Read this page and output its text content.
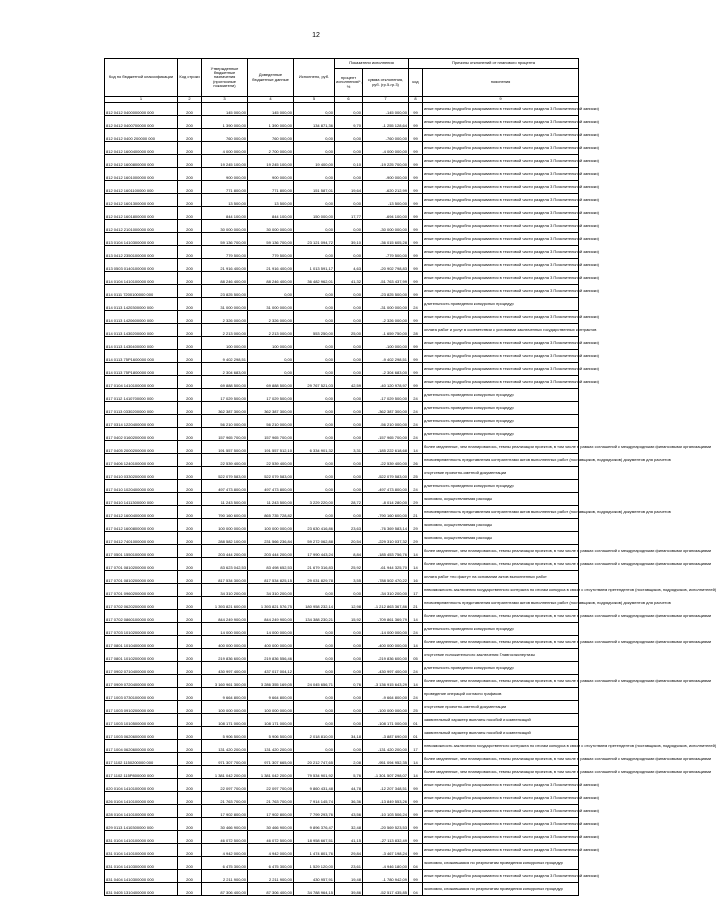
12
Код по бюджетной классификации	Код строки	Утвержденные бюджетные назначения (прогнозные показатели)	Доведенные бюджетные данные	Исполнено, руб.	Показатели исполнения		Причины отклонений от планового процента	
					процент исполнения\*, %	сумма отклонения, руб. (гр.5-гр.3)	код	пояснения
1	2	3	4	5	6	7	8	9
812 0412 0400000000 000	200	145 000,00	145 000,00	0,00	0,00	-145 000,00	99	иные причины (подробно раскрываются в текстовой части раздела 3 Пояснительной записки)
812 0412 0400700000 000	200	1 390 000,00	1 390 000,00	134 871,36	9,70	-1 255 128,64	99	иные причины (подробно раскрываются в текстовой части раздела 3 Пояснительной записки)
812 0412 0400 200000 000	200	760 000,00	760 000,00	0,00	0,00	-760 000,00	99	иные причины (подробно раскрываются в текстовой части раздела 3 Пояснительной записки)
812 0412 1600400000 000	200	4 000 000,00	2 700 000,00	0,00	0,00	-4 000 000,00	99	иные причины (подробно раскрываются в текстовой части раздела 3 Пояснительной записки)
812 0412 1600800000 000	200	19 245 100,00	19 245 100,00	19 400,00	0,10	-19 225 700,00	99	иные причины (подробно раскрываются в текстовой части раздела 3 Пояснительной записки)
812 0412 1601000000 000	200	900 000,00	900 000,00	0,00	0,00	-900 000,00	99	иные причины (подробно раскрываются в текстовой части раздела 3 Пояснительной записки)
812 0412 1601100000 000	200	771 800,00	771 800,00	151 587,01	19,64	-620 212,99	99	иные причины (подробно раскрываются в текстовой части раздела 3 Пояснительной записки)
812 0412 1601300000 000	200	13 500,00	13 500,00	0,00	0,00	-13 500,00	99	иные причины (подробно раскрываются в текстовой части раздела 3 Пояснительной записки)
812 0412 1601800000 000	200	844 100,00	844 100,00	150 000,00	17,77	-694 100,00	99	иные причины (подробно раскрываются в текстовой части раздела 3 Пояснительной записки)
812 0412 2101000000 000	200	30 000 000,00	30 000 000,00	0,00	0,00	-30 000 000,00	99	иные причины (подробно раскрываются в текстовой части раздела 3 Пояснительной записки)
813 0104 1410300000 000	200	59 136 700,00	59 136 700,00	23 121 094,72	39,10	-36 015 605,28	99	иные причины (подробно раскрываются в текстовой части раздела 3 Пояснительной записки)
813 0412 2350100000 000	200	779 500,00	779 500,00	0,00	0,00	-779 500,00	99	иные причины (подробно раскрываются в текстовой части раздела 3 Пояснительной записки)
813 0503 0140100000 000	200	21 916 400,00	21 916 400,00	1 013 591,17	4,63	-20 902 798,83	99	иные причины (подробно раскрываются в текстовой части раздела 3 Пояснительной записки)
814 0104 1410100000 000	200	88 246 400,00	88 246 400,00	36 482 962,01	41,32	-51 763 437,99	99	иные причины (подробно раскрываются в текстовой части раздела 3 Пояснительной записки)
814 0111 7200100000 000	200	23 825 500,00	0,00	0,00	0,00	-23 825 500,00	99	иные причины (подробно раскрываются в текстовой части раздела 3 Пояснительной записки)
814 0113 1420300000 000	200	31 000 000,00	31 000 000,00	0,00	0,00	-31 000 000,00	24	длительность проведения конкурсных процедур
814 0113 1420600000 000	200	2 326 000,00	2 326 000,00	0,00	0,00	-2 326 000,00	99	иные причины (подробно раскрываются в текстовой части раздела 3 Пояснительной записки)
814 0113 1430200000 000	200	2 213 000,00	2 213 000,00	553 250,00	25,00	-1 659 750,00	28	оплата работ и услуг в соответствии с условиями заключенных государственных контрактов
814 0113 1430400000 000	200	100 000,00	100 000,00	0,00	0,00	-100 000,00	99	иные причины (подробно раскрываются в текстовой части раздела 3 Пояснительной записки)
814 0113 75P1600000 000	200	9 402 298,51	0,00	0,00	0,00	-9 402 298,51	99	иные причины (подробно раскрываются в текстовой части раздела 3 Пояснительной записки)
814 0113 75P1800000 000	200	2 304 683,00	0,00	0,00	0,00	-2 304 683,00	99	иные причины (подробно раскрываются в текстовой части раздела 3 Пояснительной записки)
817 0104 1410100000 000	200	69 888 500,00	69 888 500,00	29 767 521,03	42,59	-40 120 978,97	99	иные причины (подробно раскрываются в текстовой части раздела 3 Пояснительной записки)
817 0112 1410700000 000	200	17 029 500,00	17 029 500,00	0,00	0,00	-17 029 500,00	24	длительность проведения конкурсных процедур
817 0113 0330200000 000	200	362 387 300,00	362 387 300,00	0,00	0,00	-362 387 300,00	24	длительность проведения конкурсных процедур
817 0314 1220400000 000	200	56 210 000,00	56 210 000,00	0,00	0,00	-56 210 000,00	24	длительность проведения конкурсных процедур
817 0402 0160200000 000	200	157 965 700,00	157 965 700,00	0,00	0,00	-157 965 700,00	24	длительность проведения конкурсных процедур
817 0405 2000200000 000	200	191 557 500,00	191 557 512,10	6 334 901,32	3,31	-185 222 618,68	14	более медленные, чем планировалось, темпы реализации проектов, в том числе в рамках соглашений с международными финансовыми организациями
817 0406 1240100000 000	200	22 539 400,00	22 539 400,00	0,00	0,00	-22 539 400,00	26	несвоевременность представления контрагентами актов выполненных работ (поставщиков, подрядчиков) документов для расчетов
817 0410 0330200000 000	200	522 079 583,00	522 079 583,00	0,00	0,00	-522 079 583,00	25	отсутствие проектно-сметной документации
817 0410 1020400000 000	200	497 473 800,00	497 473 800,00	0,00	0,00	-497 473 800,00	24	длительность проведения конкурсных процедур
817 0410 1411300000 000	200	11 243 500,00	11 243 500,00	3 229 220,00	28,72	-8 014 280,00	29	экономия, осуществляемая расходы
817 0412 1600400000 000	200	790 160 600,00	865 735 728,82	0,00	0,00	-790 160 600,00	21	несвоевременность представления контрагентами актов выполненных работ (поставщиков, подрядчиков) документов для расчетов
817 0412 1600800000 000	200	100 000 000,00	100 000 000,00	23 630 416,86	23,63	-76 369 583,14	29	экономия, осуществляемая расходы
817 0412 7401000000 000	200	288 582 100,00	231 566 236,84	59 272 062,88	20,54	-229 310 037,32	29	экономия, осуществляемая расходы
817 0501 1550100000 000	200	203 444 200,00	203 444 200,00	17 990 443,24	8,84	-185 453 756,76	14	более медленные, чем планировалось, темпы реализации проектов, в том числе в рамках соглашений с международными финансовыми организациями
817 0701 0810200000 000	200	83 623 042,53	83 498 652,53	21 679 316,83	25,92	-61 944 325,70	14	более медленные, чем планировалось, темпы реализации проектов, в том числе в рамках соглашений с международными финансовыми организациями
817 0701 0810200000 000	200	817 534 300,00	817 534 825,15	29 031 829,78	3,55	-788 502 470,22	16	оплата работ «по факту» на основании актов выполненных работ
817 0701 0960200000 000	200	34 310 200,00	34 310 200,00	0,00	0,00	-34 310 200,00	17	невозможность заключения государственного контракта по итогам конкурса в связи с отсутствием претендентов (поставщиков, подрядчиков, исполнителей)
817 0702 0620200000 000	200	1 393 821 600,00	1 393 821 576,75	180 958 232,14	12,98	-1 212 863 367,86	21	несвоевременность представления контрагентами актов выполненных работ (поставщиков, подрядчиков) документов для расчетов
817 0702 0860100000 000	200	844 249 900,00	844 249 900,00	134 388 230,21	15,92	-709 861 369,79	14	более медленные, чем планировалось, темпы реализации проектов, в том числе в рамках соглашений с международными финансовыми организациями
817 0703 1010200000 000	200	14 000 000,00	14 000 000,00	0,00	0,00	-14 000 000,00	24	длительность проведения конкурсных процедур
817 0801 1010400000 000	200	400 000 000,00	400 000 000,00	0,00	0,00	-400 000 000,00	14	более медленные, чем планировалось, темпы реализации проектов, в том числе в рамках соглашений с международными финансовыми организациями
817 0801 1010200000 000	200	219 836 600,00	219 836 556,46	0,00	0,00	-219 836 600,00	05	отсутствие положительного заключения Главгосэкспертизы
817 0902 0710400000 000	200	430 997 400,00	437 017 004,12	0,00	0,00	-430 997 400,00	24	длительность проведения конкурсных процедур
817 0909 0720400000 000	200	3 160 961 300,00	3 286 355 169,05	24 045 656,71	0,76	-3 136 915 643,29	14	более медленные, чем планировалось, темпы реализации проектов, в том числе в рамках соглашений с международными финансовыми организациями
817 1003 0730100000 000	200	9 664 800,00	9 664 800,00	0,00	0,00	-9 664 800,00	24	проведение операций согласно графиков
817 1003 0910200000 000	200	100 000 000,00	100 000 000,00	0,00	0,00	-100 000 000,00	25	отсутствие проектно-сметной документации
817 1003 1010500000 000	200	108 171 000,00	108 171 000,00	0,00	0,00	-108 171 000,00	01	заявительный характер выплаты пособий и компенсаций
817 1003 0620600000 000	200	5 906 500,00	5 906 500,00	2 018 810,00	34,18	-3 887 690,00	01	заявительный характер выплаты пособий и компенсаций
817 1004 0620600000 000	200	131 420 200,00	131 420 200,00	0,00	0,00	-131 420 200,00	17	невозможность заключения государственного контракта по итогам конкурса в связи с отсутствием претендентов (поставщиков, подрядчиков, исполнителей)
817 1102 1150200000 000	200	971 307 700,00	971 307 665,00	20 212 747,65	2,08	-951 094 952,35	14	более медленные, чем планировалось, темпы реализации проектов, в том числе в рамках соглашений с международными финансовыми организациями
817 1102 115P800000 000	200	1 381 042 200,00	1 381 042 200,00	79 534 901,92	5,76	-1 301 507 298,07	14	более медленные, чем планировалось, темпы реализации проектов, в том числе в рамках соглашений с международными финансовыми организациями
820 0104 1410100000 000	200	22 097 700,00	22 097 700,00	9 860 431,48	44,78	-12 207 348,51	99	иные причины (подробно раскрываются в текстовой части раздела 3 Пояснительной записки)
826 0104 1410100000 000	200	21 763 700,00	21 763 700,00	7 914 145,74	36,36	-13 849 553,26	99	иные причины (подробно раскрываются в текстовой части раздела 3 Пояснительной записки)
828 0104 1410100000 000	200	17 902 800,00	17 902 800,00	7 799 293,76	43,56	-10 103 506,24	99	иные причины (подробно раскрываются в текстовой части раздела 3 Пояснительной записки)
829 0113 1410300000 000	200	30 466 900,00	30 466 900,00	9 896 376,47	32,48	-20 569 523,53	99	иные причины (подробно раскрываются в текстовой части раздела 3 Пояснительной записки)
831 0104 1410100000 000	200	46 072 500,00	46 072 500,00	18 958 667,51	41,15	-27 113 832,49	99	иные причины (подробно раскрываются в текстовой части раздела 3 Пояснительной записки)
831 0104 1410100000 000	200	4 942 000,00	4 942 000,00	1 474 801,76	29,84	-3 467 198,24	99	иные причины (подробно раскрываются в текстовой части раздела 3 Пояснительной записки)
831 0104 1410300000 000	200	6 475 300,00	6 475 300,00	1 529 120,00	23,61	-4 946 180,00	04	экономия, сложившаяся по результатам проведения конкурсных процедур
831 0404 1410300000 000	200	2 211 900,00	2 211 900,00	430 957,91	19,48	-1 780 942,09	99	иные причины (подробно раскрываются в текстовой части раздела 3 Пояснительной записки)
831 0405 1310400000 000	200	87 306 400,00	87 306 400,00	34 788 964,15	39,86	-52 517 435,85	04	экономия, сложившаяся по результатам проведения конкурсных процедур
